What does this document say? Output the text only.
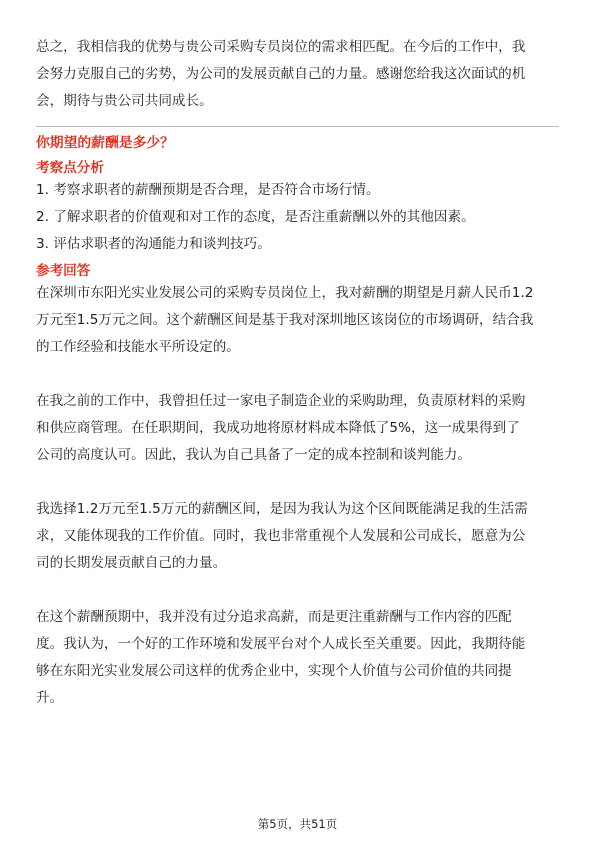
总之，我相信我的优势与贵公司采购专员岗位的需求相匹配。在今后的工作中，我

会努力克服自己的劣势，为公司的发展贡献自己的力量。感谢您给我这次面试的机

会，期待与贵公司共同成长。

你期望的薪酬是多少？

考察点分析

1. 考察求职者的薪酬预期是否合理，是否符合市场行情。

2. 了解求职者的价值观和对工作的态度，是否注重薪酬以外的其他因素。

3. 评估求职者的沟通能力和谈判技巧。

参考回答

在深圳市东阳光实业发展公司的采购专员岗位上，我对薪酬的期望是月薪人民币1.2

万元至1.5万元之间。这个薪酬区间是基于我对深圳地区该岗位的市场调研，结合我

的工作经验和技能水平所设定的。

在我之前的工作中，我曾担任过一家电子制造企业的采购助理，负责原材料的采购

和供应商管理。在任职期间，我成功地将原材料成本降低了5%，这一成果得到了

公司的高度认可。因此，我认为自己具备了一定的成本控制和谈判能力。

我选择1.2万元至1.5万元的薪酬区间，是因为我认为这个区间既能满足我的生活需

求，又能体现我的工作价值。同时，我也非常重视个人发展和公司成长，愿意为公

司的长期发展贡献自己的力量。

在这个薪酬预期中，我并没有过分追求高薪，而是更注重薪酬与工作内容的匹配

度。我认为，一个好的工作环境和发展平台对个人成长至关重要。因此，我期待能

够在东阳光实业发展公司这样的优秀企业中，实现个人价值与公司价值的共同提

升。

第5页，共51页
